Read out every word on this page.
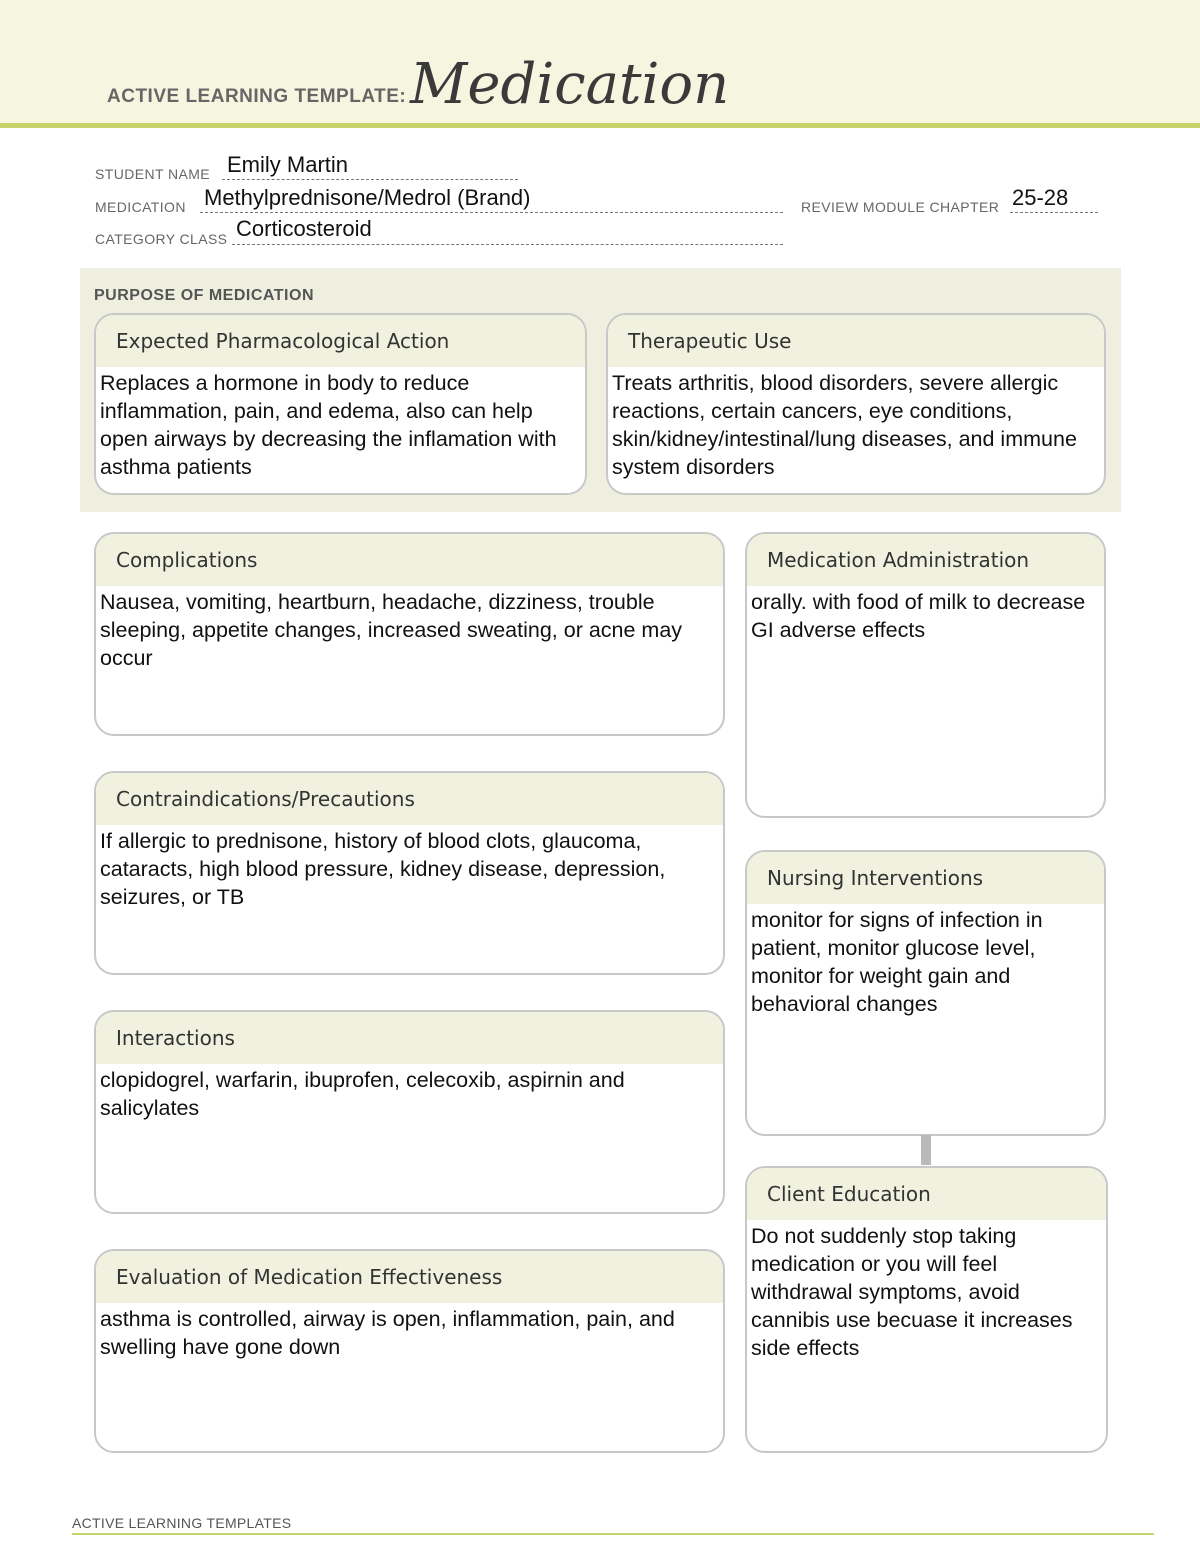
ACTIVE LEARNING TEMPLATE: Medication
STUDENT NAME Emily Martin
MEDICATION Methylprednisone/Medrol (Brand)	REVIEW MODULE CHAPTER 25-28
CATEGORY CLASS Corticosteroid
PURPOSE OF MEDICATION
Expected Pharmacological Action
Replaces a hormone in body to reduce inflammation, pain, and edema, also can help open airways by decreasing the inflamation with asthma patients
Therapeutic Use
Treats arthritis, blood disorders, severe allergic reactions, certain cancers, eye conditions, skin/kidney/intestinal/lung diseases, and immune system disorders
Complications
Nausea, vomiting, heartburn, headache, dizziness, trouble sleeping, appetite changes, increased sweating, or acne may occur
Contraindications/Precautions
If allergic to prednisone, history of blood clots, glaucoma, cataracts, high blood pressure, kidney disease, depression, seizures, or TB
Interactions
clopidogrel, warfarin, ibuprofen, celecoxib, aspirnin and salicylates
Evaluation of Medication Effectiveness
asthma is controlled, airway is open, inflammation, pain, and swelling have gone down
Medication Administration
orally. with food of milk to decrease GI adverse effects
Nursing Interventions
monitor for signs of infection in patient, monitor glucose level, monitor for weight gain and behavioral changes
Client Education
Do not suddenly stop taking medication or you will feel withdrawal symptoms, avoid cannibis use becuase it increases side effects
ACTIVE LEARNING TEMPLATES
